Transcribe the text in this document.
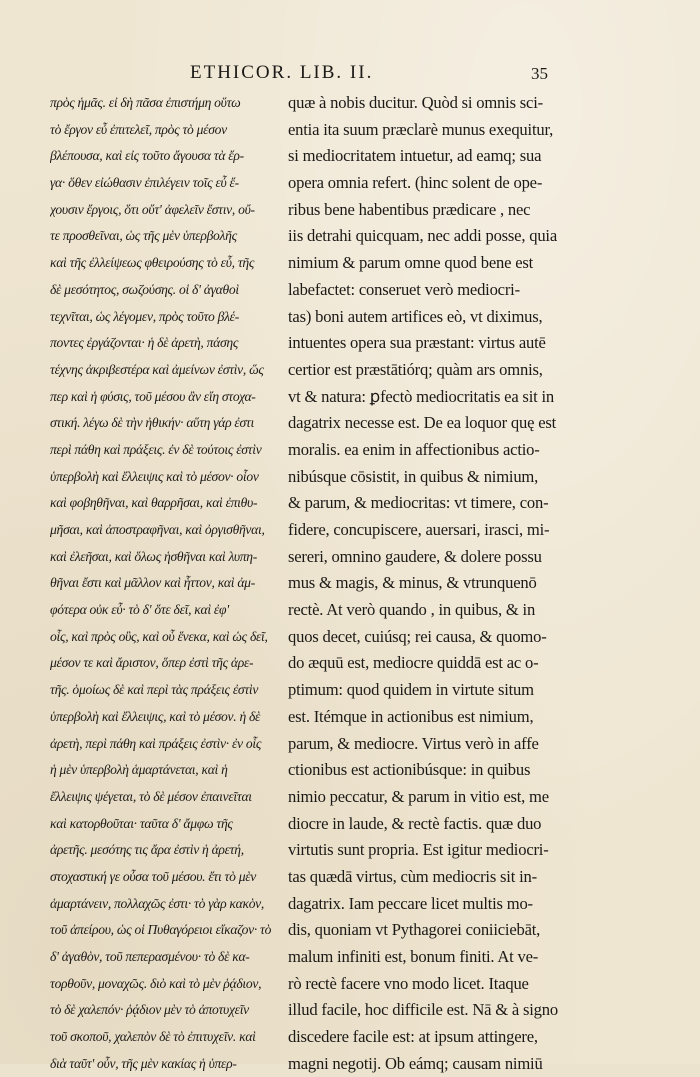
ETHICOR. LIB. II.	35
πρὸς ἡμᾶς. εἰ δὴ πᾶσα ἐπιστήμη οὕτω
τὸ ἔργον εὖ ἐπιτελεῖ, πρὸς τὸ μέσον
βλέπουσα, καὶ εἰς τοῦτο ἄγουσα τὰ ἔρ-
γα· ὅθεν εἰώθασιν ἐπιλέγειν τοῖς εὖ ἔ-
χουσιν ἔργοις, ὅτι οὔτ' ἀφελεῖν ἔστιν, οὔ-
τε προσθεῖναι, ὡς τῆς μὲν ὑπερβολῆς
καὶ τῆς ἐλλείψεως φθειρούσης τὸ εὖ, τῆς
δὲ μεσότητος, σωζούσης. οἱ δ' ἀγαθοὶ
τεχνῖται, ὡς λέγομεν, πρὸς τοῦτο βλέ-
ποντες ἐργάζονται· ἡ δὲ ἀρετὴ, πάσης
τέχνης ἀκριβεστέρα καὶ ἀμείνων ἐστὶν, ὥς
περ καὶ ἡ φύσις, τοῦ μέσου ἂν εἴη στοχα-
στική. λέγω δὲ τὴν ἠθικήν· αὕτη γάρ ἐστι
περὶ πάθη καὶ πράξεις. ἐν δὲ τούτοις ἐστὶν
ὑπερβολὴ καὶ ἔλλειψις καὶ τὸ μέσον· οἷον
καὶ φοβηθῆναι, καὶ θαρρῆσαι, καὶ ἐπιθυ-
μῆσαι, καὶ ἀποστραφῆναι, καὶ ὀργισθῆναι,
καὶ ἐλεῆσαι, καὶ ὅλως ἡσθῆναι καὶ λυπη-
θῆναι ἔστι καὶ μᾶλλον καὶ ἧττον, καὶ ἀμ-
φότερα οὐκ εὖ· τὸ δ' ὅτε δεῖ, καὶ ἐφ'
οἷς, καὶ πρὸς οὓς, καὶ οὗ ἕνεκα, καὶ ὡς δεῖ,
μέσον τε καὶ ἄριστον, ὅπερ ἐστὶ τῆς ἀρε-
τῆς. ὁμοίως δὲ καὶ περὶ τὰς πράξεις ἐστὶν
ὑπερβολὴ καὶ ἔλλειψις, καὶ τὸ μέσον. ἡ δὲ
ἀρετὴ, περὶ πάθη καὶ πράξεις ἐστὶν· ἐν οἷς
ἡ μὲν ὑπερβολὴ ἁμαρτάνεται, καὶ ἡ
ἔλλειψις ψέγεται, τὸ δὲ μέσον ἐπαινεῖται
καὶ κατορθοῦται· ταῦτα δ' ἄμφω τῆς
ἀρετῆς. μεσότης τις ἄρα ἐστὶν ἡ ἀρετή,
στοχαστική γε οὖσα τοῦ μέσου. ἔτι τὸ μὲν
ἁμαρτάνειν, πολλαχῶς ἐστι· τὸ γὰρ κακὸν,
τοῦ ἀπείρου, ὡς οἱ Πυθαγόρειοι εἴκαζον· τὸ
δ' ἀγαθὸν, τοῦ πεπερασμένου· τὸ δὲ κα-
τορθοῦν, μοναχῶς. διὸ καὶ τὸ μὲν ῥᾴδιον,
τὸ δὲ χαλεπόν· ῥᾴδιον μὲν τὸ ἀποτυχεῖν
τοῦ σκοποῦ, χαλεπὸν δὲ τὸ ἐπιτυχεῖν. καὶ
διὰ ταῦτ' οὖν, τῆς μὲν κακίας ἡ ὑπερ-
quæ à nobis ducitur. Quòd si omnis sci-
entia ita suum præclarè munus exequitur,
si mediocritatem intuetur, ad eamq; sua
opera omnia refert. (hinc solent de ope-
ribus bene habentibus prædicare , nec
iis detrahi quicquam, nec addi posse, quia
nimium & parum omne quod bene est
labefactet: conseruet verò mediocri-
tas) boni autem artifices eò, vt diximus,
intuentes opera sua præstant: virtus autē
certior est præstātiórq; quàm ars omnis,
vt & natura: ꝑfectò mediocritatis ea sit in
dagatrix necesse est. De ea loquor quę est
moralis. ea enim in affectionibus actio-
nibúsque cōsistit, in quibus & nimium,
& parum, & mediocritas: vt timere, con-
fidere, concupiscere, auersari, irasci, mi-
sereri, omnino gaudere, & dolere possu
mus & magis, & minus, & vtrunquenō
rectè. At verò quando , in quibus, & in
quos decet, cuiúsq; rei causa, & quomo-
do æquū est, mediocre quiddā est ac o-
ptimum: quod quidem in virtute situm
est. Itémque in actionibus est nimium,
parum, & mediocre. Virtus verò in affe
ctionibus est actionibúsque: in quibus
nimio peccatur, & parum in vitio est, me
diocre in laude, & rectè factis. quæ duo
virtutis sunt propria. Est igitur mediocri-
tas quædā virtus, cùm mediocris sit in-
dagatrix. Iam peccare licet multis mo-
dis, quoniam vt Pythagorei coniiciebāt,
malum infiniti est, bonum finiti. At ve-
rò rectè facere vno modo licet. Itaque
illud facile, hoc difficile est. Nā & à signo
discedere facile est: at ipsum attingere,
magni negotij. Ob eámq; causam nimiū
